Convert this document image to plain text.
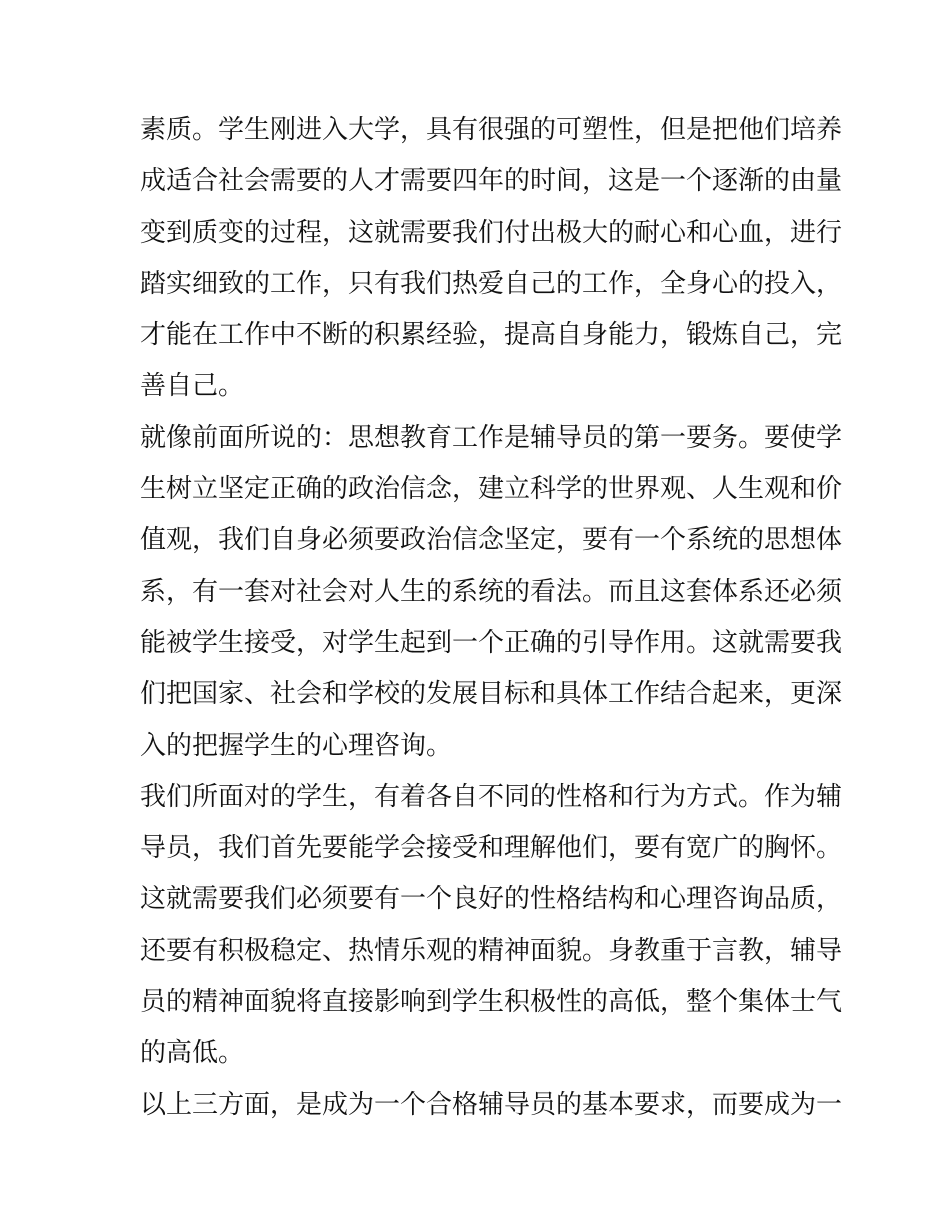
素质。学生刚进入大学，具有很强的可塑性，但是把他们培养
成适合社会需要的人才需要四年的时间，这是一个逐渐的由量
变到质变的过程，这就需要我们付出极大的耐心和心血，进行
踏实细致的工作，只有我们热爱自己的工作，全身心的投入，
才能在工作中不断的积累经验，提高自身能力，锻炼自己，完
善自己。
就像前面所说的：思想教育工作是辅导员的第一要务。要使学
生树立坚定正确的政治信念，建立科学的世界观、人生观和价
值观，我们自身必须要政治信念坚定，要有一个系统的思想体
系，有一套对社会对人生的系统的看法。而且这套体系还必须
能被学生接受，对学生起到一个正确的引导作用。这就需要我
们把国家、社会和学校的发展目标和具体工作结合起来，更深
入的把握学生的心理咨询。
我们所面对的学生，有着各自不同的性格和行为方式。作为辅
导员，我们首先要能学会接受和理解他们，要有宽广的胸怀。
这就需要我们必须要有一个良好的性格结构和心理咨询品质，
还要有积极稳定、热情乐观的精神面貌。身教重于言教，辅导
员的精神面貌将直接影响到学生积极性的高低，整个集体士气
的高低。
以上三方面，是成为一个合格辅导员的基本要求，而要成为一
